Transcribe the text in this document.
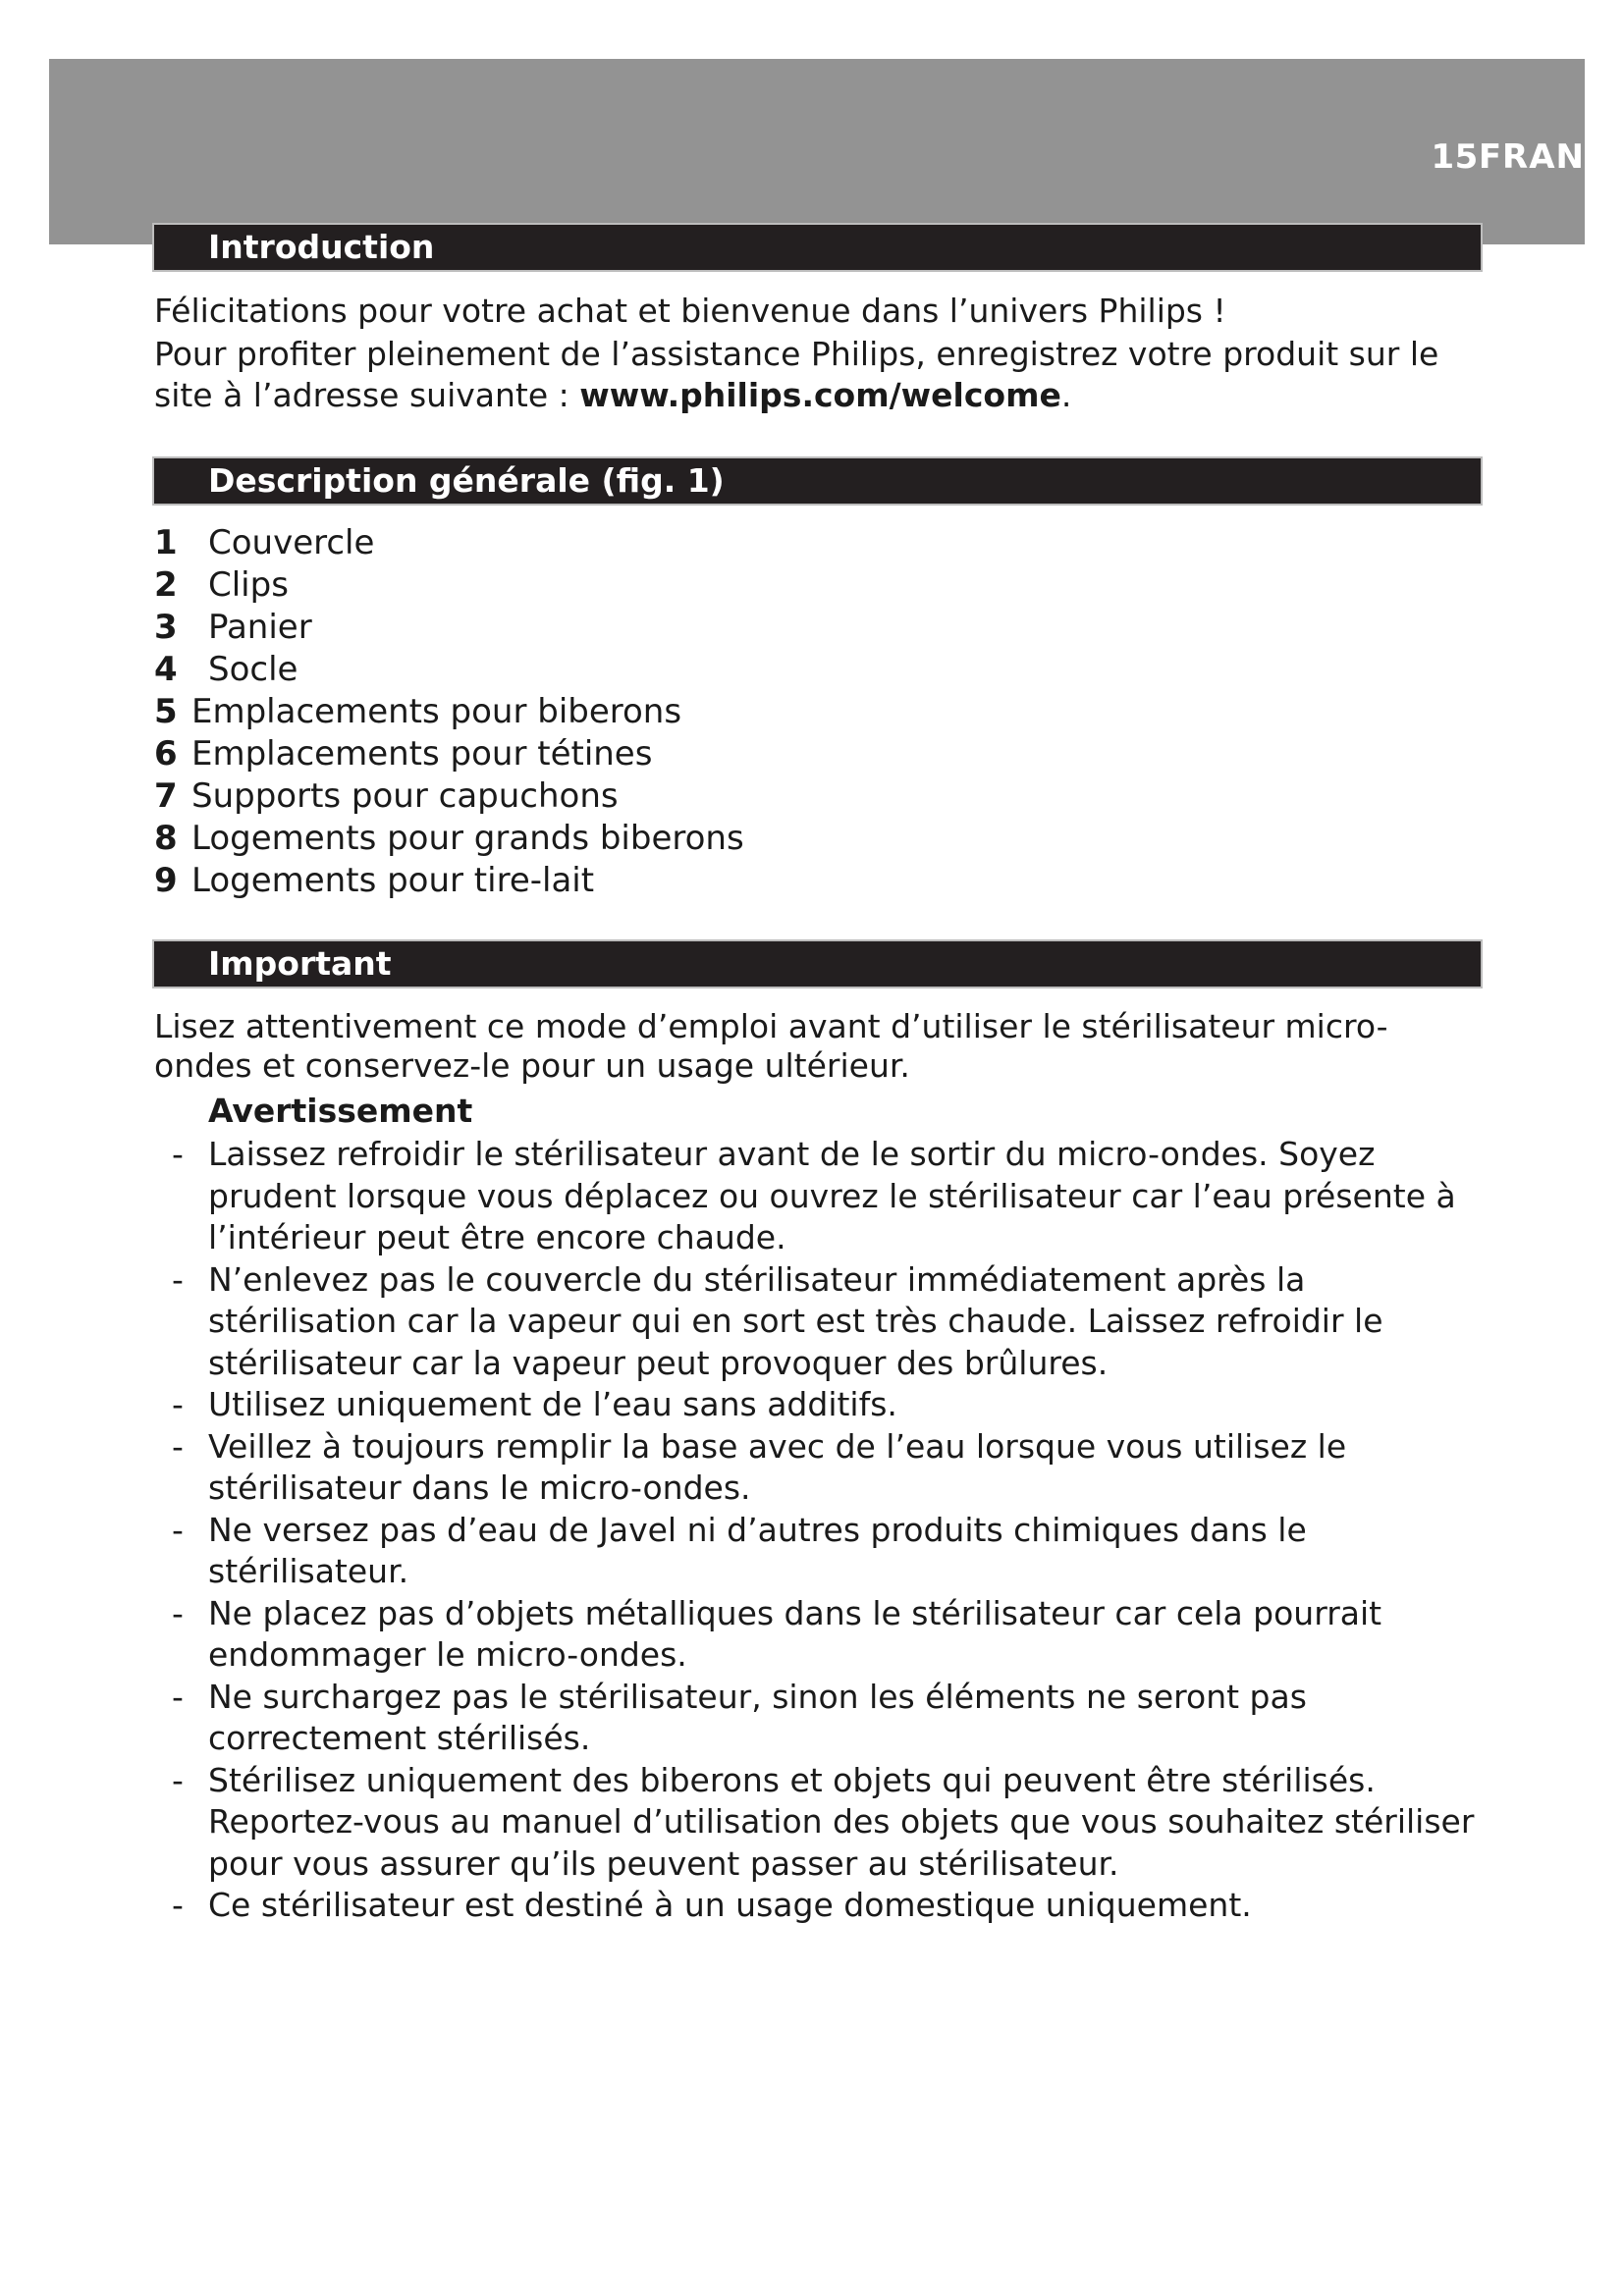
15FRAN
Introduction

Félicitations pour votre achat et bienvenue dans l’univers Philips !

Pour profiter pleinement de l’assistance Philips, enregistrez votre produit sur le site à l’adresse suivante : www.philips.com/welcome.

Description générale (fig. 1)
1 Couvercle
2 Clips
3 Panier
4 Socle
5 Emplacements pour biberons
6 Emplacements pour tétines
7 Supports pour capuchons
8 Logements pour grands biberons
9 Logements pour tire-lait
Important

Lisez attentivement ce mode d’emploi avant d’utiliser le stérilisateur micro-ondes et conservez-le pour un usage ultérieur.

Avertissement
- Laissez refroidir le stérilisateur avant de le sortir du micro-ondes. Soyez prudent lorsque vous déplacez ou ouvrez le stérilisateur car l’eau présente à l’intérieur peut être encore chaude.
- N’enlevez pas le couvercle du stérilisateur immédiatement après la stérilisation car la vapeur qui en sort est très chaude. Laissez refroidir le stérilisateur car la vapeur peut provoquer des brûlures.
- Utilisez uniquement de l’eau sans additifs.
- Veillez à toujours remplir la base avec de l’eau lorsque vous utilisez le stérilisateur dans le micro-ondes.
- Ne versez pas d’eau de Javel ni d’autres produits chimiques dans le stérilisateur.
- Ne placez pas d’objets métalliques dans le stérilisateur car cela pourrait endommager le micro-ondes.
- Ne surchargez pas le stérilisateur, sinon les éléments ne seront pas correctement stérilisés.
- Stérilisez uniquement des biberons et objets qui peuvent être stérilisés. Reportez-vous au manuel d’utilisation des objets que vous souhaitez stériliser pour vous assurer qu’ils peuvent passer au stérilisateur.
- Ce stérilisateur est destiné à un usage domestique uniquement.
